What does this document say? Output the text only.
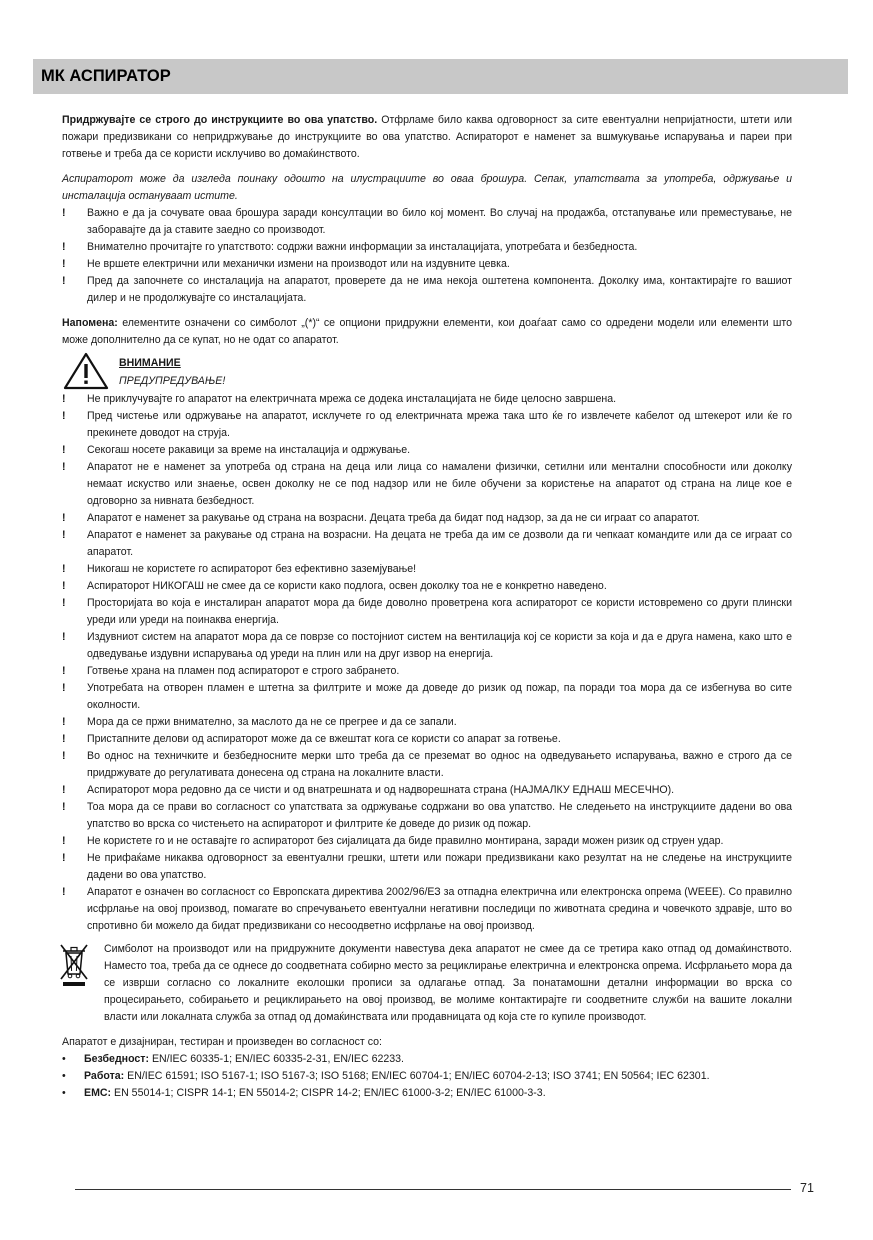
МК АСПИРАТОР

Придржувајте се строго до инструкциите во ова упатство. Отфрламе било каква одговорност за сите евентуални непријатности, штети или пожари предизвикани со непридржување до инструкциите во ова упатство. Аспираторот е наменет за вшмукување испарувања и пареи при готвење и треба да се користи исклучиво во домаќинството.

Аспираторот може да изгледа поинаку одошто на илустрациите во оваа брошура. Сепак, упатствата за употреба, одржување и инсталација остануваат истите.

!	Важно е да ја сочувате оваа брошура заради консултации во било кој момент. Во случај на продажба, отстапување или преместување, не заборавајте да ја ставите заедно со производот.
!	Внимателно прочитајте го упатството: содржи важни информации за инсталацијата, употребата и безбедноста.
!	Не вршете електрични или механички измени на производот или на издувните цевка.
!	Пред да започнете со инсталација на апаратот, проверете да не има некоја оштетена компонента. Доколку има, контактирајте го вашиот дилер и не продолжувајте со инсталацијата.

Напомена: елементите означени со симболот „(*)“ се опциони придружни елементи, кои доаѓаат само со одредени модели или елементи што може дополнително да се купат, но не одат со апаратот.

ВНИМАНИЕ
ПРЕДУПРЕДУВАЊЕ!
!	Не приклучувајте го апаратот на електричната мрежа се додека инсталацијата не биде целосно завршена.
!	Пред чистење или одржување на апаратот, исклучете го од електричната мрежа така што ќе го извлечете кабелот од штекерот или ќе го прекинете доводот на струја.
!	Секогаш носете ракавици за време на инсталација и одржување.
!	Апаратот не е наменет за употреба од страна на деца или лица со намалени физички, сетилни или ментални способности или доколку немаат искуство или знаење, освен доколку не се под надзор или не биле обучени за користење на апаратот од страна на лице кое е одговорно за нивната безбедност.
!	Апаратот е наменет за ракување од страна на возрасни. Децата треба да бидат под надзор, за да не си играат со апаратот.
!	Апаратот е наменет за ракување од страна на возрасни. На децата не треба да им се дозволи да ги чепкаат командите или да се играат со апаратот.
!	Никогаш не користете го аспираторот без ефективно заземјување!
!	Аспираторот НИКОГАШ не смее да се користи како подлога, освен доколку тоа не е конкретно наведено.
!	Просторијата во која е инсталиран апаратот мора да биде доволно проветрена кога аспираторот се користи истовремено со други плински уреди или уреди на поинаква енергија.
!	Издувниот систем на апаратот мора да се поврзе со постојниот систем на вентилација кој се користи за која и да е друга намена, како што е одведување издувни испарувања од уреди на плин или на друг извор на енергија.
!	Готвење храна на пламен под аспираторот е строго забрането.
!	Употребата на отворен пламен е штетна за филтрите и може да доведе до ризик од пожар, па поради тоа мора да се избегнува во сите околности.
!	Мора да се пржи внимателно, за маслото да не се прегрее и да се запали.
!	Пристапните делови од аспираторот може да се вжештат кога се користи со апарат за готвење.
!	Во однос на техничките и безбедносните мерки што треба да се преземат во однос на одведувањето испарувања, важно е строго да се придржувате до регулативата донесена од страна на локалните власти.
!	Аспираторот мора редовно да се чисти и од внатрешната и од надворешната страна (НАЈМАЛКУ ЕДНАШ МЕСЕЧНО).
!	Тоа мора да се прави во согласност со упатствата за одржување содржани во ова упатство. Не следењето на инструкциите дадени во ова упатство во врска со чистењето на аспираторот и филтрите ќе доведе до ризик од пожар.
!	Не користете го и не оставајте го аспираторот без сијалицата да биде правилно монтирана, заради можен ризик од струен удар.
!	Не прифаќаме никаква одговорност за евентуални грешки, штети или пожари предизвикани како резултат на не следење на инструкциите дадени во ова упатство.
!	Апаратот е означен во согласност со Европската директива 2002/96/ЕЗ за отпадна електрична или електронска опрема (WEEE). Со правилно исфрлање на овој производ, помагате во спречувањето евентуални негативни последици по животната средина и човечкото здравје, што во спротивно би можело да бидат предизвикани со несоодветно исфрлање на овој производ.

Симболот на производот или на придружните документи навестува дека апаратот не смее да се третира како отпад од домаќинството. Наместо тоа, треба да се однесе до соодветната собирно место за рециклирање електрична и електронска опрема. Исфрлањето мора да се изврши согласно со локалните еколошки прописи за одлагање отпад. За понатамошни детални информации во врска со процесирањето, собирањето и рециклирањето на овој производ, ве молиме контактирајте ги соодветните служби на вашите локални власти или локалната служба за отпад од домаќинствата или продавницата од која сте го купиле производот.

Апаратот е дизајниран, тестиран и произведен во согласност со:

• Безбедност: EN/IEC 60335-1; EN/IEC 60335-2-31, EN/IEC 62233.
• Работа: EN/IEC 61591; ISO 5167-1; ISO 5167-3; ISO 5168; EN/IEC 60704-1; EN/IEC 60704-2-13; ISO 3741; EN 50564; IEC 62301.
• EMC: EN 55014-1; CISPR 14-1; EN 55014-2; CISPR 14-2; EN/IEC 61000-3-2; EN/IEC 61000-3-3.
71
